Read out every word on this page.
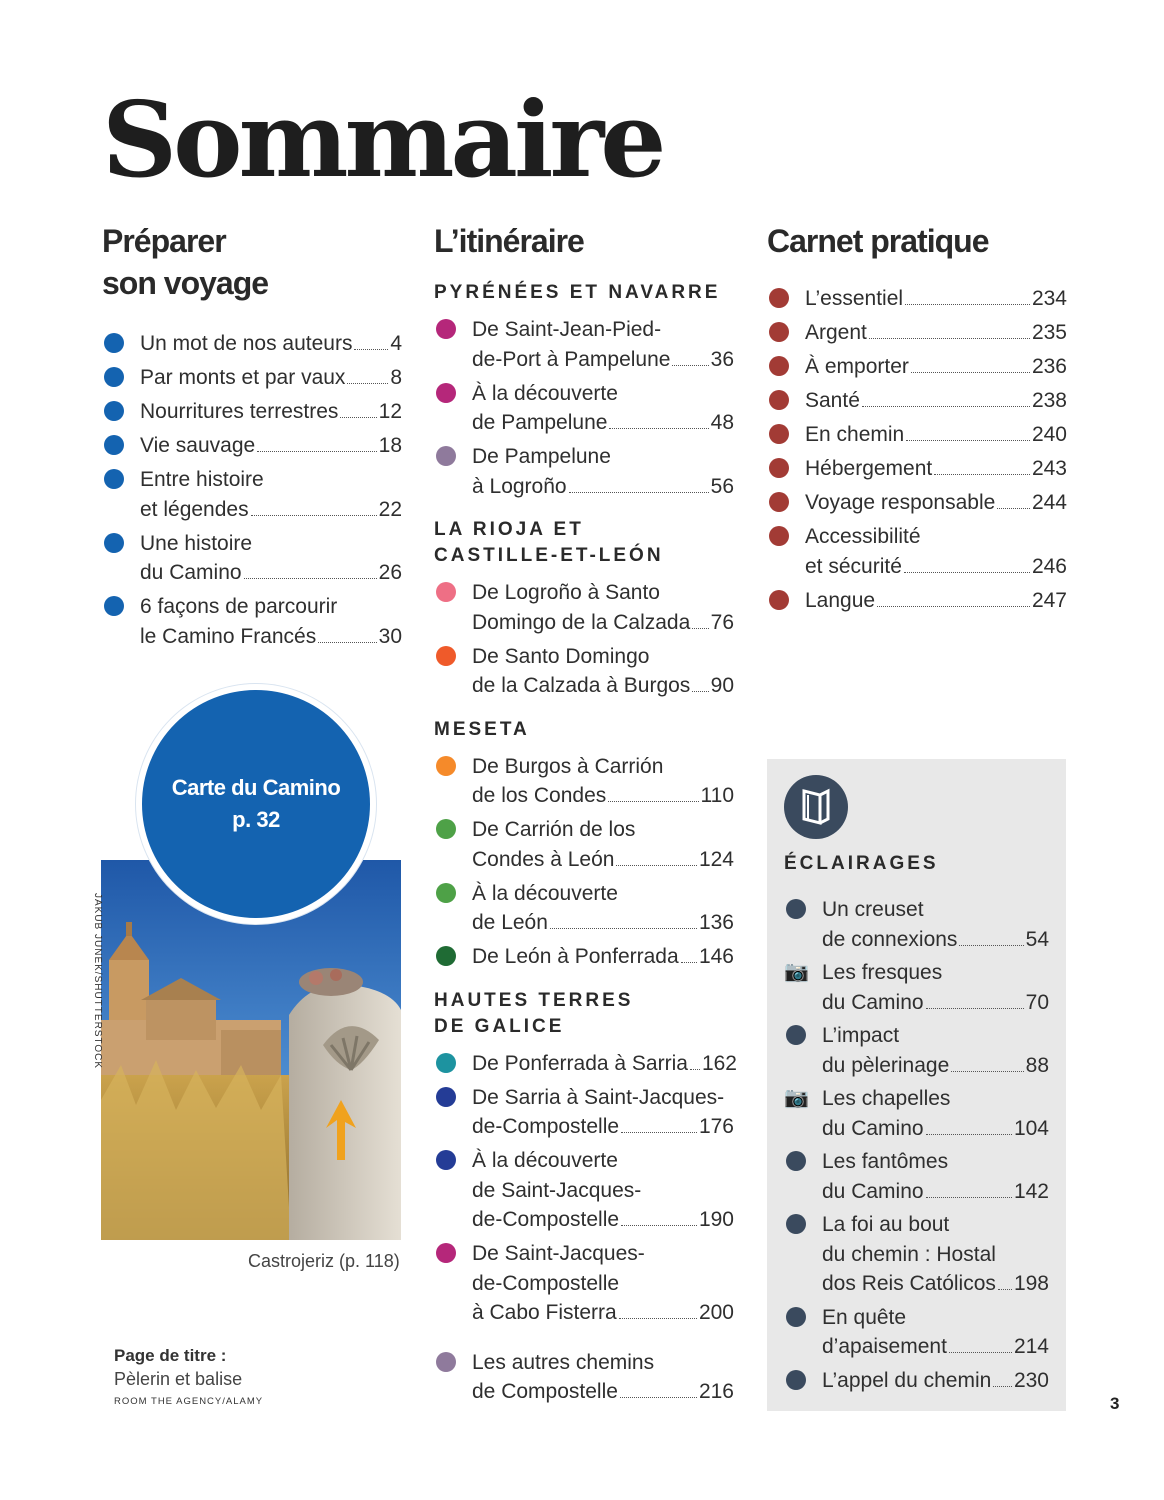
Sommaire
Préparer
son voyage
Un mot de nos auteurs 4
Par monts et par vaux 8
Nourritures terrestres 12
Vie sauvage	18
Entre histoire
et légendes	22
Une histoire
du Camino	26
6 façons de parcourir
le Camino Francés	30
Carte du Camino
p. 32
JAKUB JUNEK/SHUTTERSTOCK
Castrojeriz (p. 118)
Page de titre :
Pèlerin et balise
ROOM THE AGENCY/ALAMY
L’itinéraire
PYRÉNÉES ET NAVARRE
De Saint-Jean-Pied-
de-Port à Pampelune 36
À la découverte
de Pampelune	48
De Pampelune
à Logroño	56
LA RIOJA ET
CASTILLE-ET-LEÓN
De Logroño à Santo
Domingo de la Calzada 76
De Santo Domingo
de la Calzada à Burgos 90
MESETA
De Burgos à Carrión
de los Condes	110
De Carrión de los
Condes à León	124
À la découverte
de León	136
De León à Ponferrada 146
HAUTES TERRES
DE GALICE
De Ponferrada à Sarria 162
De Sarria à Saint-Jacques-
de-Compostelle	176
À la découverte
de Saint-Jacques-
de-Compostelle	190
De Saint-Jacques-
de-Compostelle
à Cabo Fisterra	200
Les autres chemins
de Compostelle	216
Carnet pratique
L’essentiel	234
Argent	235
À emporter	236
Santé	238
En chemin	240
Hébergement	243
Voyage responsable 244
Accessibilité
et sécurité	246
Langue	247
ÉCLAIRAGES
Un creuset
de connexions	54
📷 Les fresques
du Camino	70
L’impact
du pèlerinage	88
📷 Les chapelles
du Camino	104
Les fantômes
du Camino	142
La foi au bout
du chemin : Hostal
dos Reis Católicos 198
En quête
d’apaisement	214
L’appel du chemin 230
3
